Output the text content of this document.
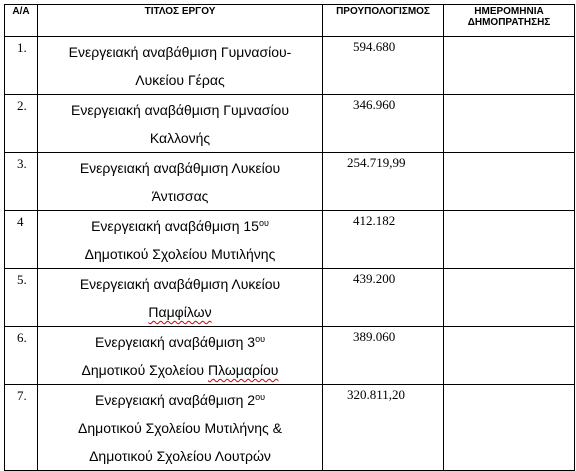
Α/Α	ΤΙΤΛΟΣ ΕΡΓΟΥ	ΠΡΟΥΠΟΛΟΓΙΣΜΟΣ	ΗΜΕΡΟΜΗΝΙΑ
ΔΗΜΟΠΡΑΤΗΣΗΣ

1.	Ενεργειακή αναβάθμιση Γυμνασίου-
Λυκείου Γέρας	594.680	
2.	Ενεργειακή αναβάθμιση Γυμνασίου
Καλλονής	346.960	
3.	Ενεργειακή αναβάθμιση Λυκείου
Άντισσας	254.719,99	
4	Ενεργειακή αναβάθμιση $15^{o\upsilon}$
Δημοτικού Σχολείου Μυτιλήνης	412.182	
5.	Ενεργειακή αναβάθμιση Λυκείου
Παμφίλων	439.200	
6.	Ενεργειακή αναβάθμιση $3^{o\upsilon}$
Δημοτικού Σχολείου Πλωμαρίου	389.060	
7.	Ενεργειακή αναβάθμιση $2^{o\upsilon}$
Δημοτικού Σχολείου Μυτιλήνης &
Δημοτικού Σχολείου Λουτρών	320.811,20	
